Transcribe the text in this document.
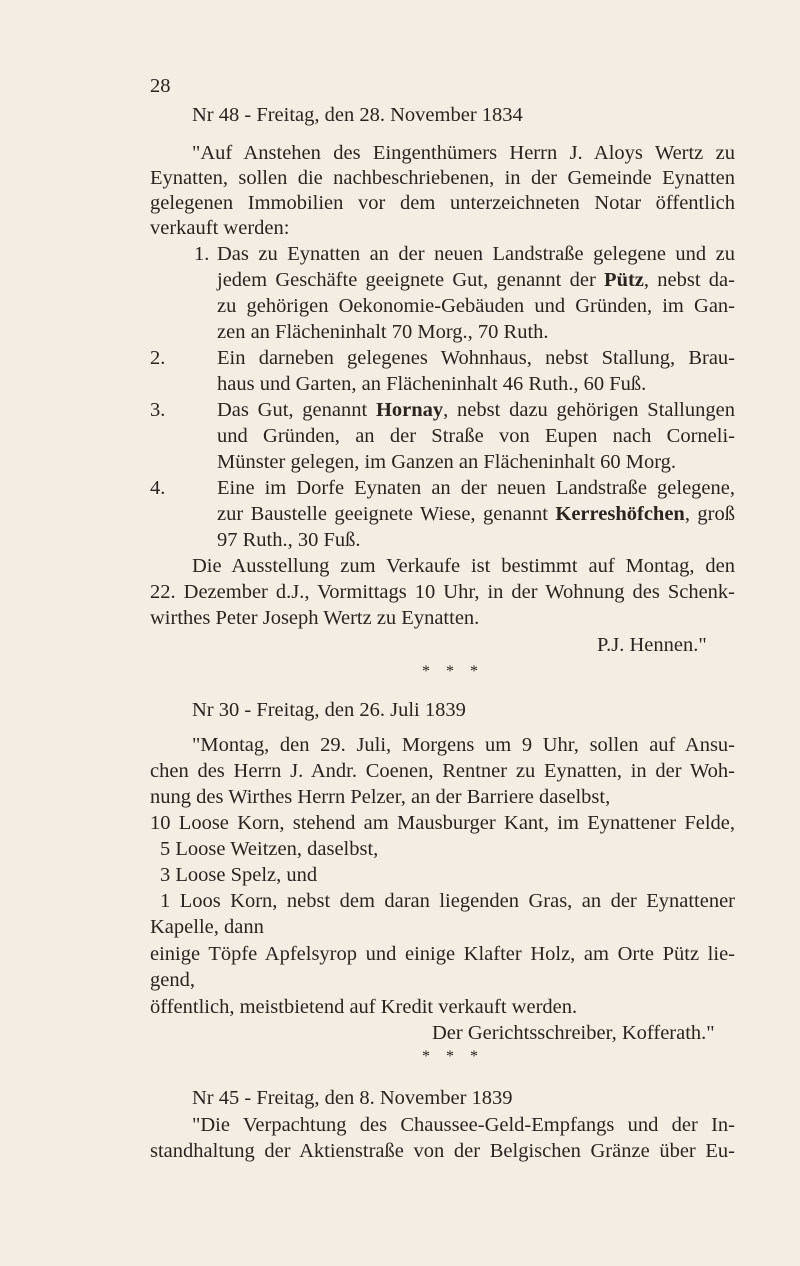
28
Nr 48 - Freitag, den 28. November 1834
"Auf Anstehen des Eingenthümers Herrn J. Aloys Wertz zu
Eynatten, sollen die nachbeschriebenen, in der Gemeinde Eynatten
gelegenen Immobilien vor dem unterzeichneten Notar öffentlich
verkauft werden:
1. Das zu Eynatten an der neuen Landstraße gelegene und zu
jedem Geschäfte geeignete Gut, genannt der Pütz, nebst da-
zu gehörigen Oekonomie-Gebäuden und Gründen, im Gan-
zen an Flächeninhalt 70 Morg., 70 Ruth.
2.	Ein darneben gelegenes Wohnhaus, nebst Stallung, Brau-
haus und Garten, an Flächeninhalt 46 Ruth., 60 Fuß.
3.	Das Gut, genannt Hornay, nebst dazu gehörigen Stallungen
und Gründen, an der Straße von Eupen nach Corneli-
Münster gelegen, im Ganzen an Flächeninhalt 60 Morg.
4.	Eine im Dorfe Eynaten an der neuen Landstraße gelegene,
zur Baustelle geeignete Wiese, genannt Kerreshöfchen, groß
97 Ruth., 30 Fuß.
Die Ausstellung zum Verkaufe ist bestimmt auf Montag, den
22. Dezember d.J., Vormittags 10 Uhr, in der Wohnung des Schenk-
wirthes Peter Joseph Wertz zu Eynatten.
P.J. Hennen."
* * *
Nr 30 - Freitag, den 26. Juli 1839
"Montag, den 29. Juli, Morgens um 9 Uhr, sollen auf Ansu-
chen des Herrn J. Andr. Coenen, Rentner zu Eynatten, in der Woh-
nung des Wirthes Herrn Pelzer, an der Barriere daselbst,
10 Loose Korn, stehend am Mausburger Kant, im Eynattener Felde,
5 Loose Weitzen, daselbst,
3 Loose Spelz, und
1 Loos Korn, nebst dem daran liegenden Gras, an der Eynattener
Kapelle, dann
einige Töpfe Apfelsyrop und einige Klafter Holz, am Orte Pütz lie-
gend,
öffentlich, meistbietend auf Kredit verkauft werden.
Der Gerichtsschreiber, Kofferath."
* * *
Nr 45 - Freitag, den 8. November 1839
"Die Verpachtung des Chaussee-Geld-Empfangs und der In-
standhaltung der Aktienstraße von der Belgischen Gränze über Eu-
